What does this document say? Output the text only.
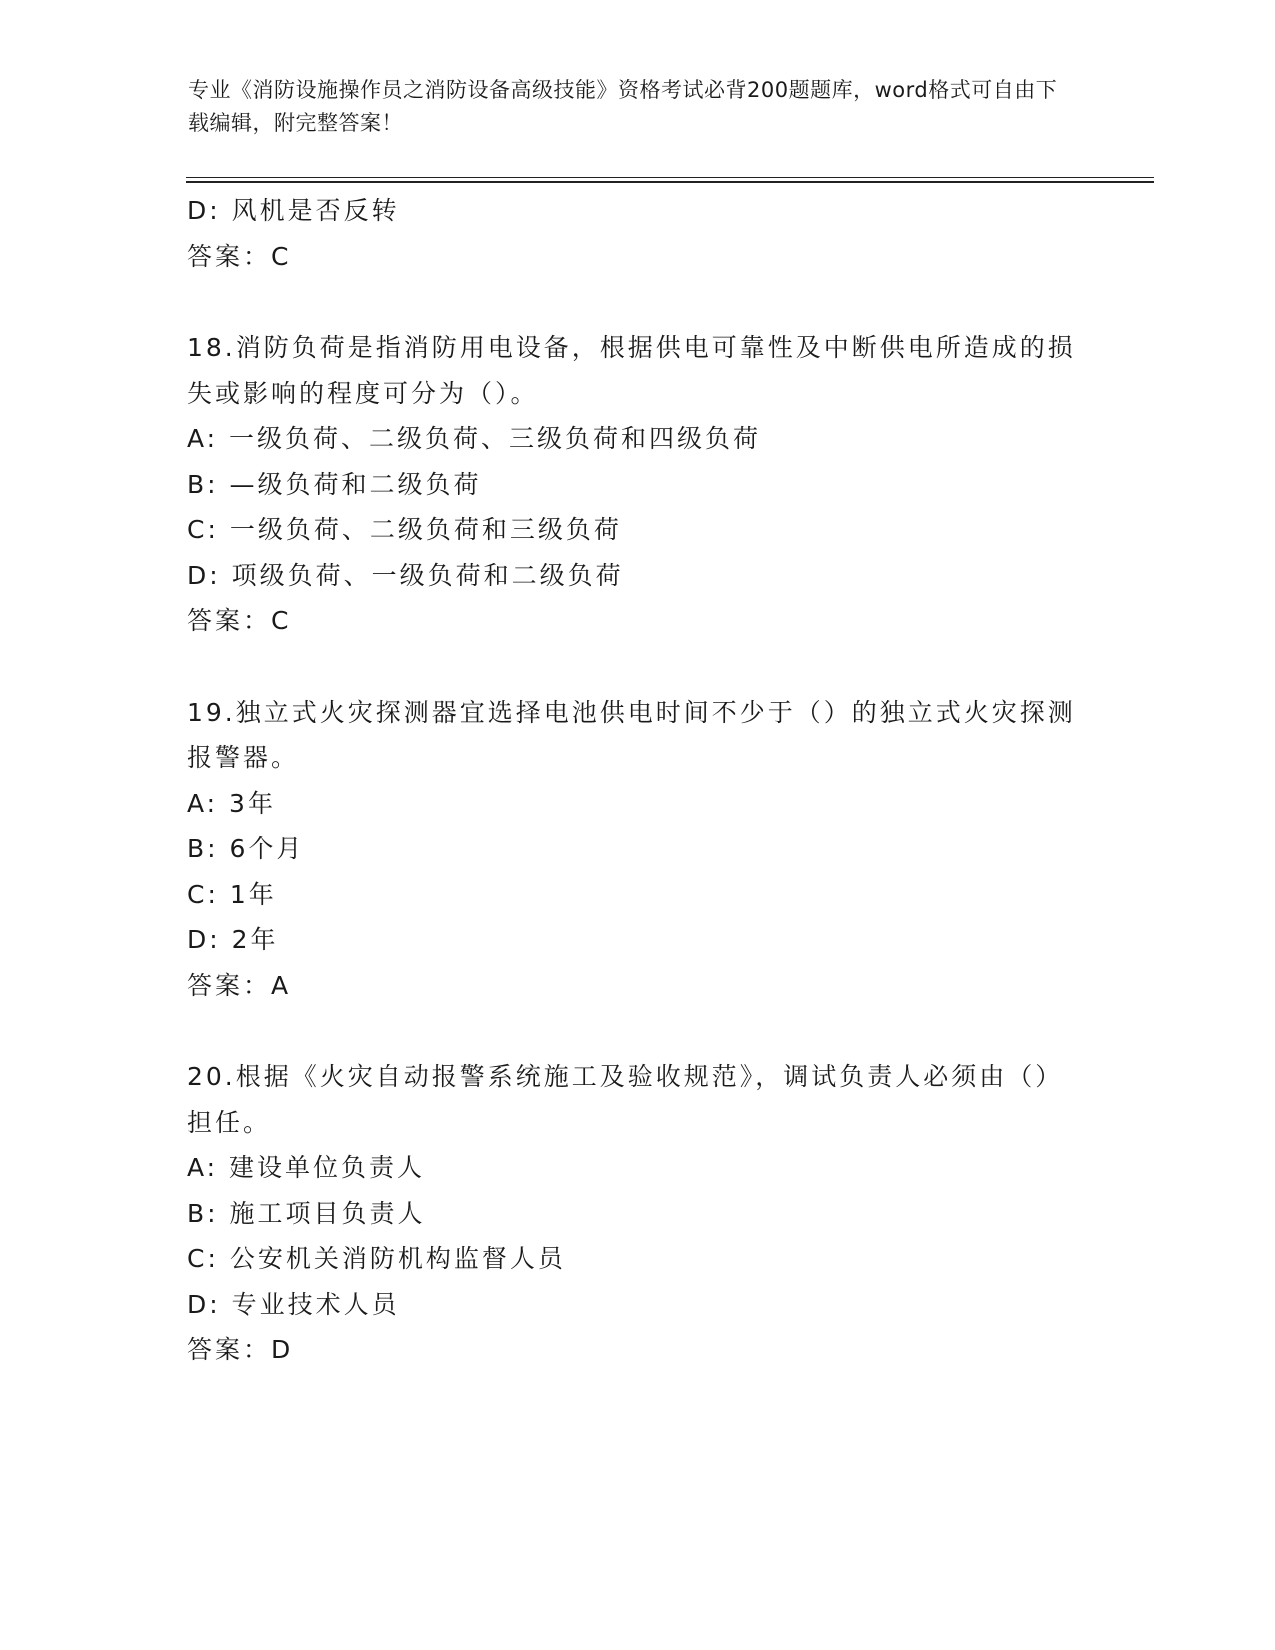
专业《消防设施操作员之消防设备高级技能》资格考试必背200题题库，word格式可自由下载编辑，附完整答案！
D: 风机是否反转
答案：C
18.消防负荷是指消防用电设备，根据供电可靠性及中断供电所造成的损失或影响的程度可分为（）。
A: 一级负荷、二级负荷、三级负荷和四级负荷
B: —级负荷和二级负荷
C: 一级负荷、二级负荷和三级负荷
D: 项级负荷、一级负荷和二级负荷
答案：C
19.独立式火灾探测器宜选择电池供电时间不少于（）的独立式火灾探测报警器。
A: 3年
B: 6个月
C: 1年
D: 2年
答案：A
20.根据《火灾自动报警系统施工及验收规范》，调试负责人必须由（）担任。
A: 建设单位负责人
B: 施工项目负责人
C: 公安机关消防机构监督人员
D: 专业技术人员
答案：D
